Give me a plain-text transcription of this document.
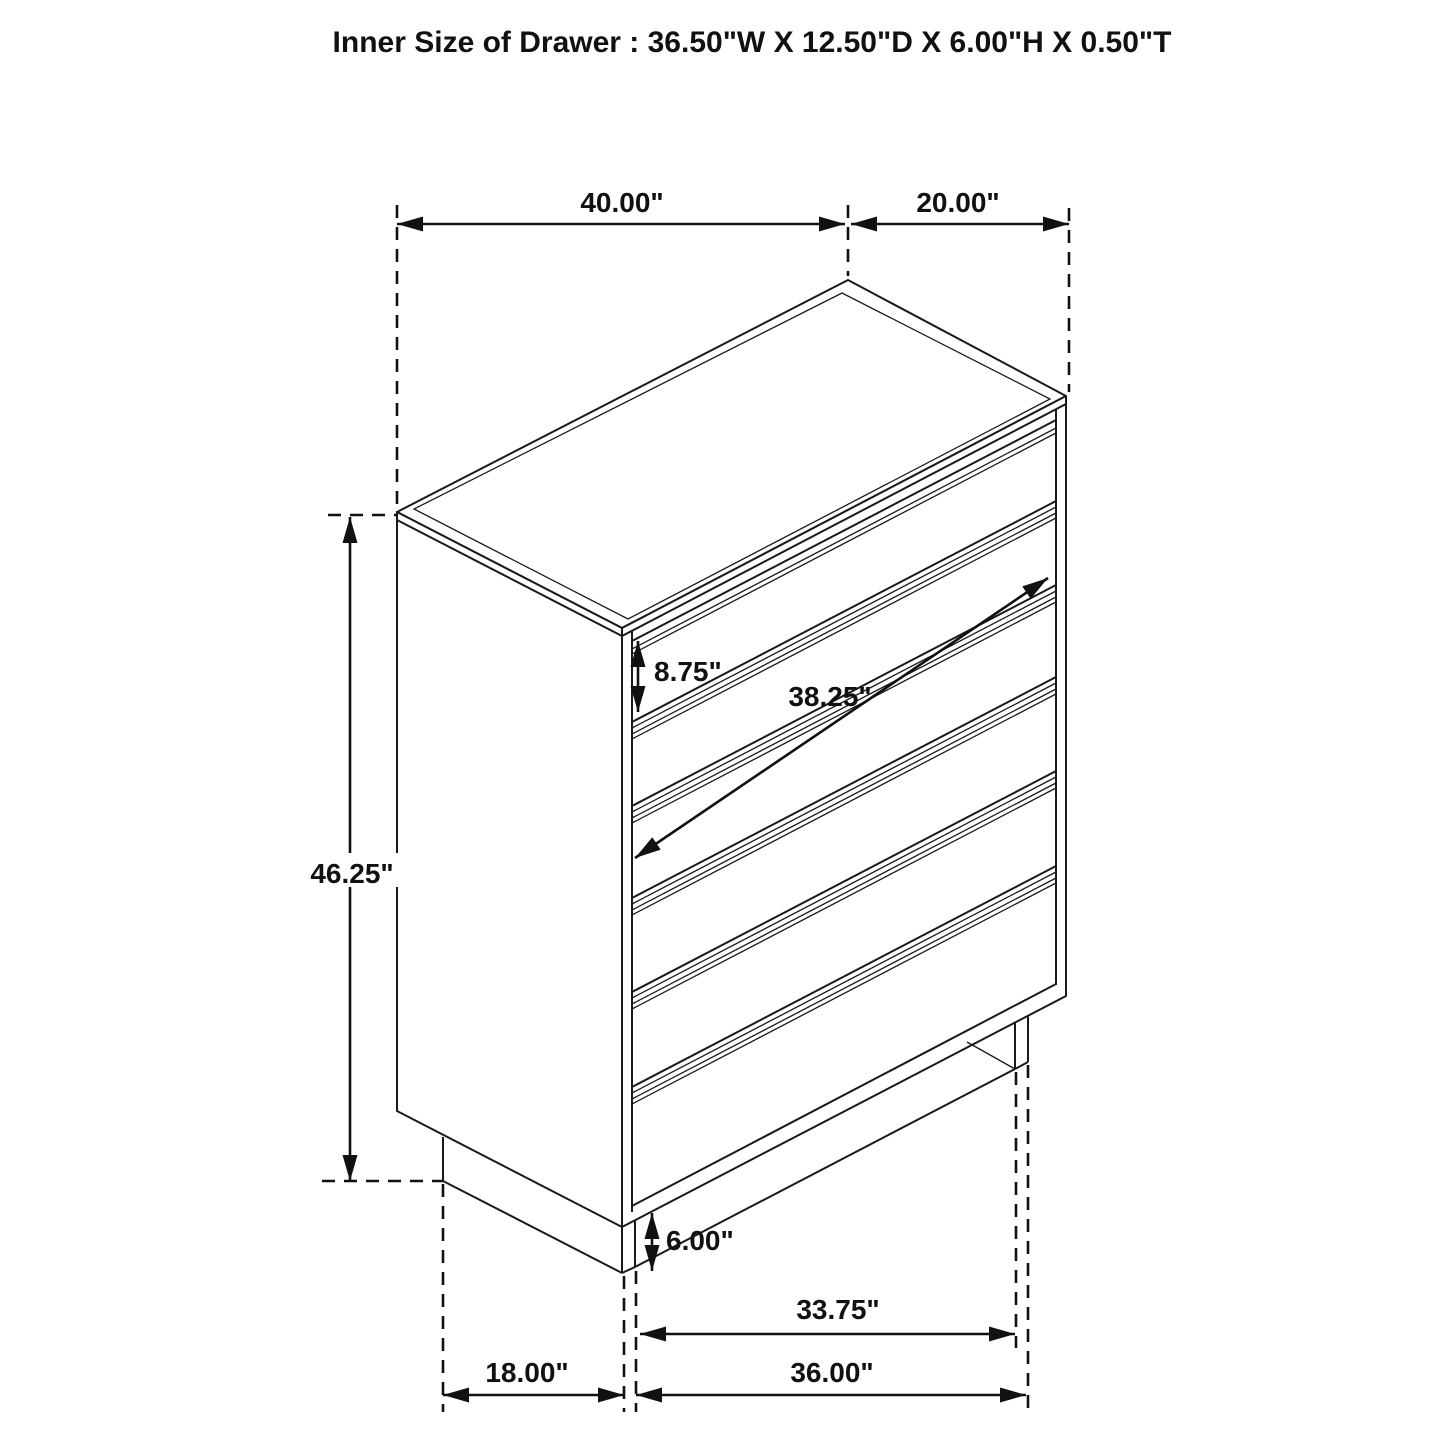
40.00"	20.00"
46.25"
8.75"
38.25"
6.00"
33.75"
36.00"
18.00"
Inner Size of Drawer : 36.50"W X 12.50"D X 6.00"H X 0.50"T
